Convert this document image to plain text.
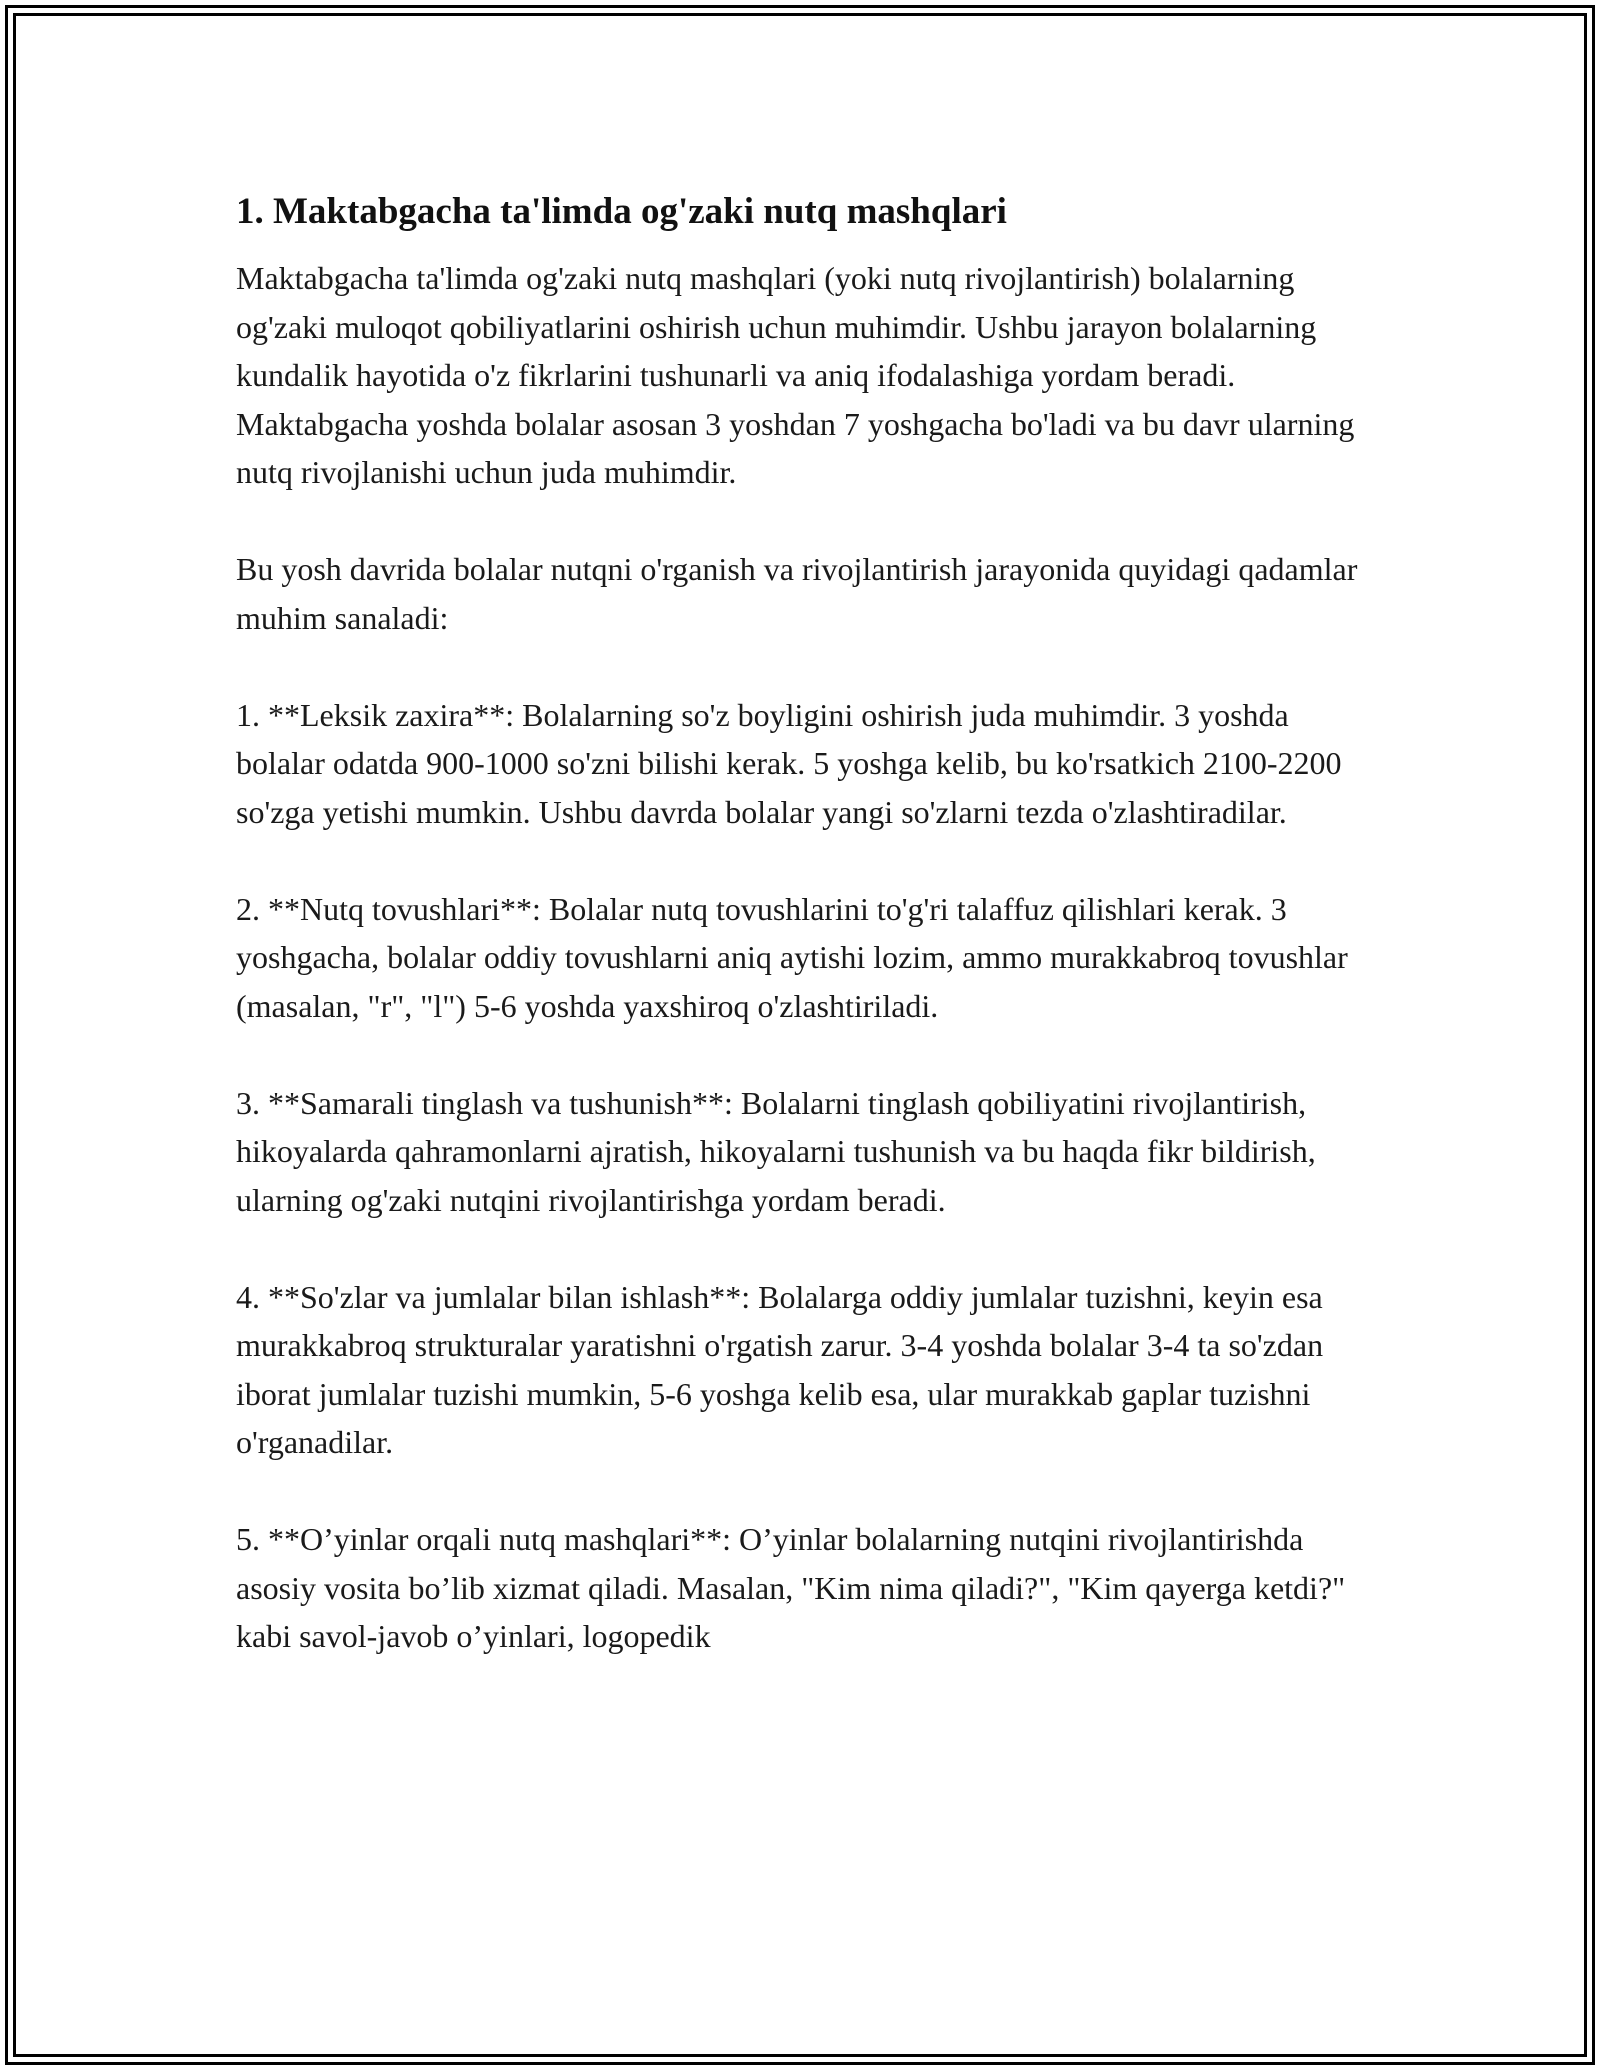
1. Maktabgacha ta'limda og'zaki nutq mashqlari

Maktabgacha ta'limda og'zaki nutq mashqlari (yoki nutq rivojlantirish) bolalarning og'zaki muloqot qobiliyatlarini oshirish uchun muhimdir. Ushbu jarayon bolalarning kundalik hayotida o'z fikrlarini tushunarli va aniq ifodalashiga yordam beradi. Maktabgacha yoshda bolalar asosan 3 yoshdan 7 yoshgacha bo'ladi va bu davr ularning nutq rivojlanishi uchun juda muhimdir.

Bu yosh davrida bolalar nutqni o'rganish va rivojlantirish jarayonida quyidagi qadamlar muhim sanaladi:

1. **Leksik zaxira**: Bolalarning so'z boyligini oshirish juda muhimdir. 3 yoshda bolalar odatda 900-1000 so'zni bilishi kerak. 5 yoshga kelib, bu ko'rsatkich 2100-2200 so'zga yetishi mumkin. Ushbu davrda bolalar yangi so'zlarni tezda o'zlashtiradilar.

2. **Nutq tovushlari**: Bolalar nutq tovushlarini to'g'ri talaffuz qilishlari kerak. 3 yoshgacha, bolalar oddiy tovushlarni aniq aytishi lozim, ammo murakkabroq tovushlar (masalan, "r", "l") 5-6 yoshda yaxshiroq o'zlashtiriladi.

3. **Samarali tinglash va tushunish**: Bolalarni tinglash qobiliyatini rivojlantirish, hikoyalarda qahramonlarni ajratish, hikoyalarni tushunish va bu haqda fikr bildirish, ularning og'zaki nutqini rivojlantirishga yordam beradi.

4. **So'zlar va jumlalar bilan ishlash**: Bolalarga oddiy jumlalar tuzishni, keyin esa murakkabroq strukturalar yaratishni o'rgatish zarur. 3-4 yoshda bolalar 3-4 ta so'zdan iborat jumlalar tuzishi mumkin, 5-6 yoshga kelib esa, ular murakkab gaplar tuzishni o'rganadilar.

5. **O’yinlar orqali nutq mashqlari**: O’yinlar bolalarning nutqini rivojlantirishda asosiy vosita bo’lib xizmat qiladi. Masalan, "Kim nima qiladi?", "Kim qayerga ketdi?" kabi savol-javob o’yinlari, logopedik
